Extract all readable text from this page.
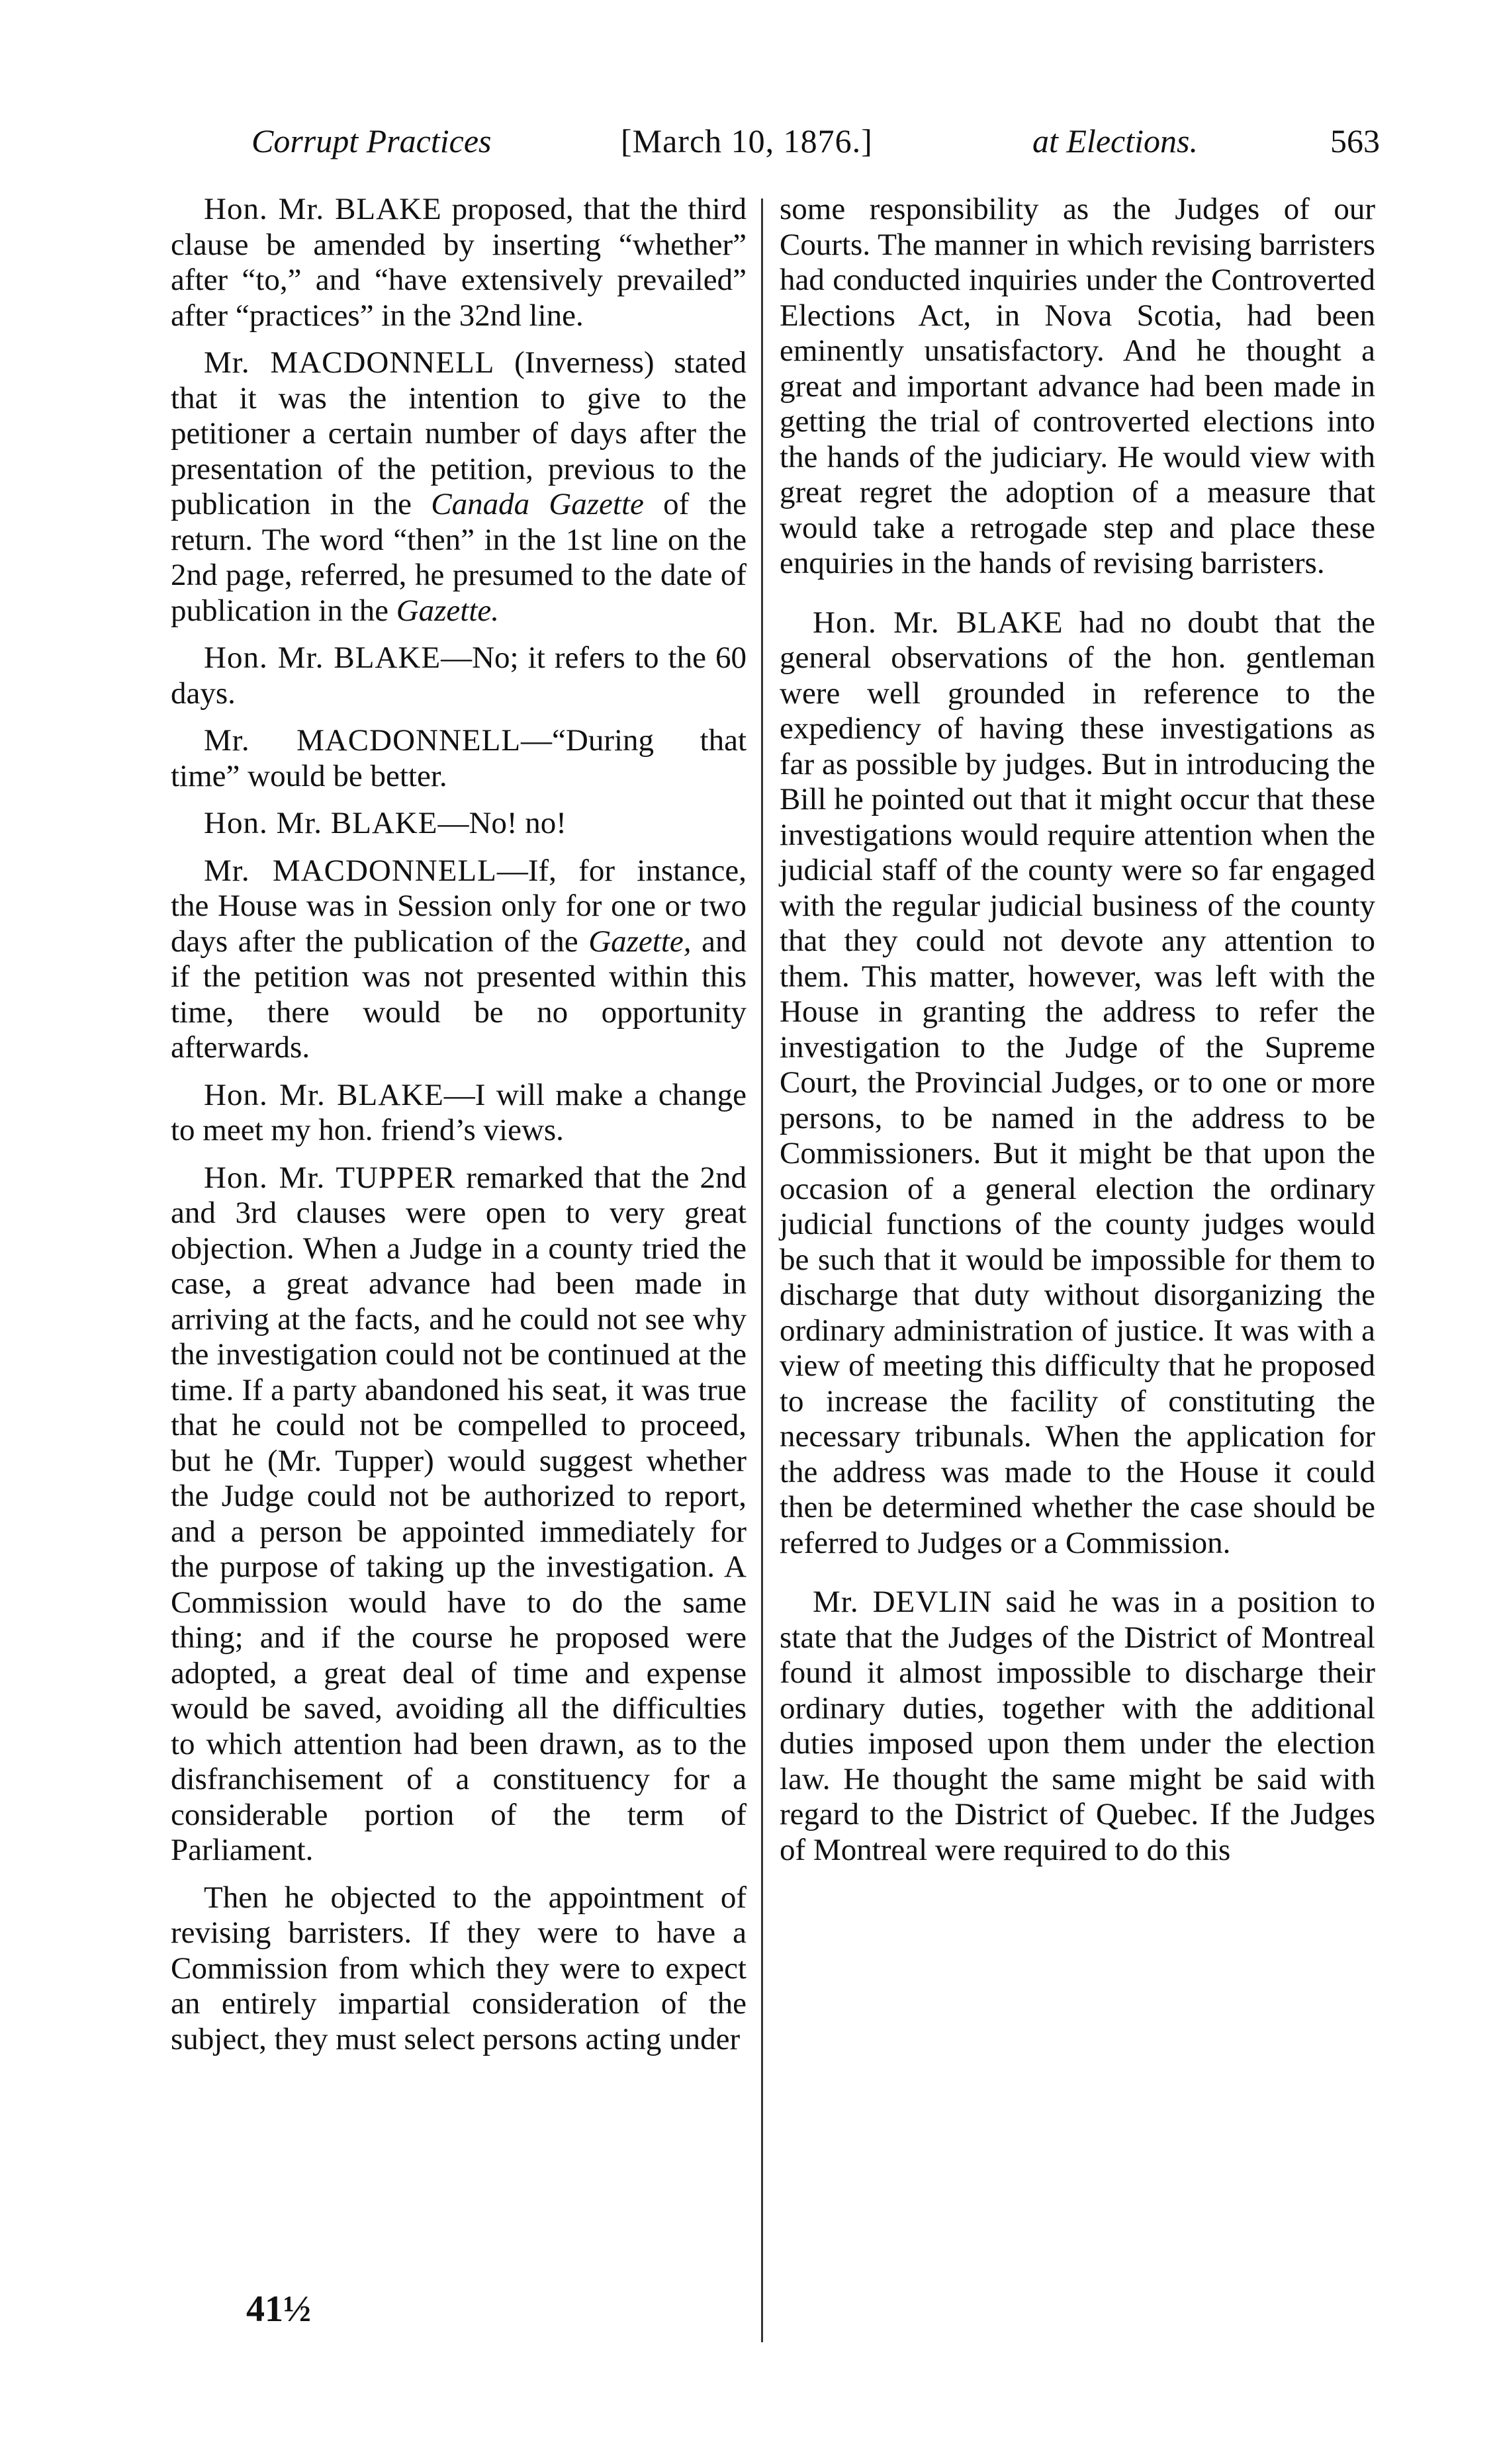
Corrupt Practices	[March 10, 1876.]	at Elections.	563

Hon. Mr. BLAKE proposed, that the third clause be amended by inserting “whether” after “to,” and “have extensively prevailed” after “practices” in the 32nd line.

Mr. MACDONNELL (Inverness) stated that it was the intention to give to the petitioner a certain number of days after the presentation of the petition, previous to the publication in the Canada Gazette of the return. The word “then” in the 1st line on the 2nd page, referred, he presumed to the date of publication in the Gazette.

Hon. Mr. BLAKE—No; it refers to the 60 days.

Mr. MACDONNELL—“During that time” would be better.

Hon. Mr. BLAKE—No! no!

Mr. MACDONNELL—If, for instance, the House was in Session only for one or two days after the publication of the Gazette, and if the petition was not presented within this time, there would be no opportunity afterwards.

Hon. Mr. BLAKE—I will make a change to meet my hon. friend’s views.

Hon. Mr. TUPPER remarked that the 2nd and 3rd clauses were open to very great objection. When a Judge in a county tried the case, a great advance had been made in arriving at the facts, and he could not see why the investigation could not be continued at the time. If a party abandoned his seat, it was true that he could not be compelled to proceed, but he (Mr. Tupper) would suggest whether the Judge could not be authorized to report, and a person be appointed immediately for the purpose of taking up the investigation. A Commission would have to do the same thing; and if the course he proposed were adopted, a great deal of time and expense would be saved, avoiding all the difficulties to which attention had been drawn, as to the disfranchisement of a constituency for a considerable portion of the term of Parliament.

Then he objected to the appointment of revising barristers. If they were to have a Commission from which they were to expect an entirely impartial consideration of the subject, they must select persons acting under

some responsibility as the Judges of our Courts. The manner in which revising barristers had conducted inquiries under the Controverted Elections Act, in Nova Scotia, had been eminently unsatisfactory. And he thought a great and important advance had been made in getting the trial of controverted elections into the hands of the judiciary. He would view with great regret the adoption of a measure that would take a retrogade step and place these enquiries in the hands of revising barristers.

Hon. Mr. BLAKE had no doubt that the general observations of the hon. gentleman were well grounded in reference to the expediency of having these investigations as far as possible by judges. But in introducing the Bill he pointed out that it might occur that these investigations would require attention when the judicial staff of the county were so far engaged with the regular judicial business of the county that they could not devote any attention to them. This matter, however, was left with the House in granting the address to refer the investigation to the Judge of the Supreme Court, the Provincial Judges, or to one or more persons, to be named in the address to be Commissioners. But it might be that upon the occasion of a general election the ordinary judicial functions of the county judges would be such that it would be impossible for them to discharge that duty without disorganizing the ordinary administration of justice. It was with a view of meeting this difficulty that he proposed to increase the facility of constituting the necessary tribunals. When the application for the address was made to the House it could then be determined whether the case should be referred to Judges or a Commission.

Mr. DEVLIN said he was in a position to state that the Judges of the District of Montreal found it almost impossible to discharge their ordinary duties, together with the additional duties imposed upon them under the election law. He thought the same might be said with regard to the District of Quebec. If the Judges of Montreal were required to do this

41½
